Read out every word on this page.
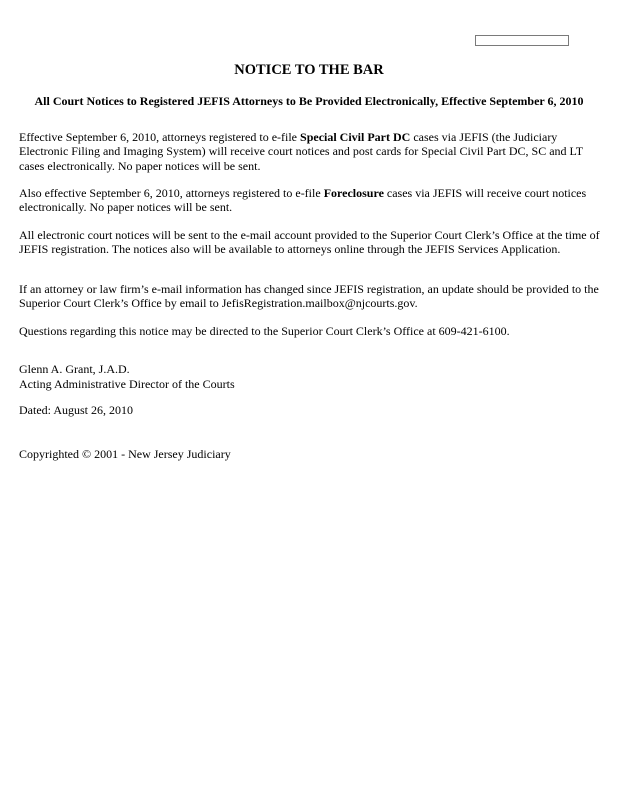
NOTICE TO THE BAR
All Court Notices to Registered JEFIS Attorneys to Be Provided Electronically, Effective September 6, 2010

Effective September 6, 2010, attorneys registered to e-file Special Civil Part DC cases via JEFIS (the Judiciary Electronic Filing and Imaging System) will receive court notices and post cards for Special Civil Part DC, SC and LT cases electronically. No paper notices will be sent.

Also effective September 6, 2010, attorneys registered to e-file Foreclosure cases via JEFIS will receive court notices electronically. No paper notices will be sent.

All electronic court notices will be sent to the e-mail account provided to the Superior Court Clerk’s Office at the time of JEFIS registration. The notices also will be available to attorneys online through the JEFIS Services Application.

If an attorney or law firm’s e-mail information has changed since JEFIS registration, an update should be provided to the Superior Court Clerk’s Office by email to JefisRegistration.mailbox@njcourts.gov.

Questions regarding this notice may be directed to the Superior Court Clerk’s Office at 609-421-6100.

Glenn A. Grant, J.A.D.

Acting Administrative Director of the Courts

Dated: August 26, 2010

Copyrighted © 2001 - New Jersey Judiciary
